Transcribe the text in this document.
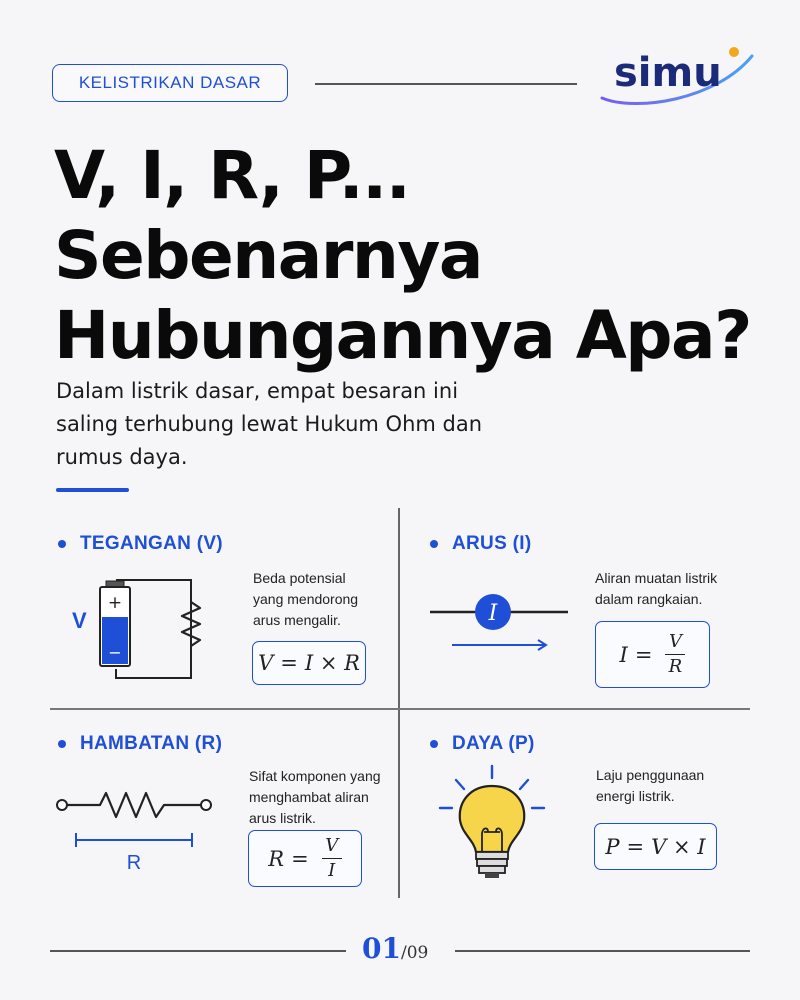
KELISTRIKAN DASAR	simu
V, I, R, P...
Sebenarnya
Hubungannya Apa?
Dalam listrik dasar, empat besaran ini saling terhubung lewat Hukum Ohm dan rumus daya.
TEGANGAN (V)
+
−
V
Beda potensial
yang mendorong
arus mengalir.
V = I × R
ARUS (I)
I
Aliran muatan listrik
dalam rangkaian.
$I = \frac{V}{R}$
HAMBATAN (R)
R
Sifat komponen yang
menghambat aliran
arus listrik.
$R = \frac{V}{I}$
DAYA (P)
Laju penggunaan
energi listrik.
P = V × I
01/09
